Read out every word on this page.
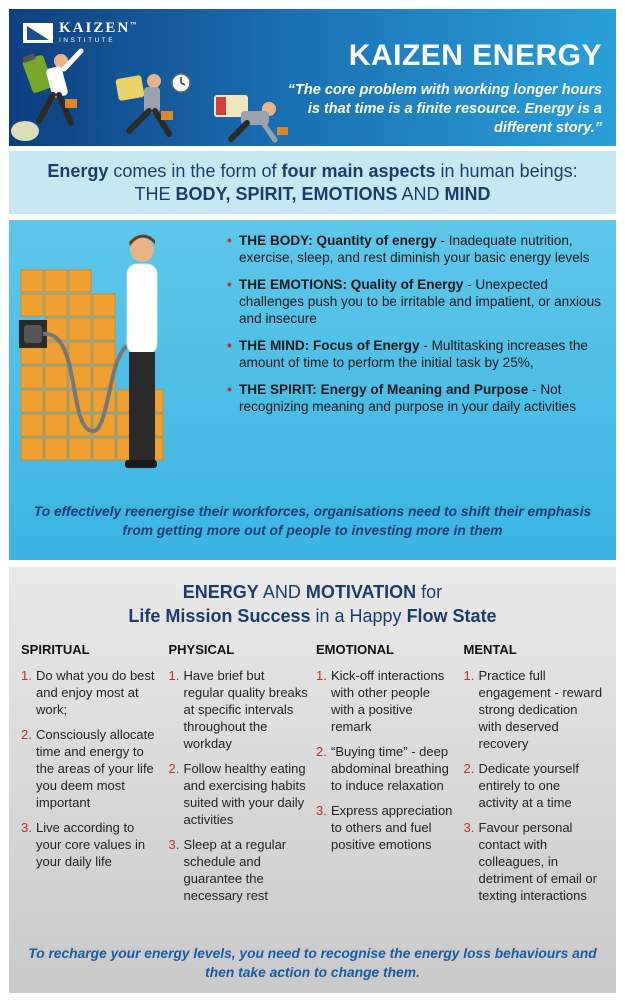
KAIZEN™
INSTITUTE	KAIZEN ENERGY
“The core problem with working longer hours is that time is a finite resource. Energy is a different story.”
Energy comes in the form of four main aspects in human beings:
THE BODY, SPIRIT, EMOTIONS AND MIND
• THE BODY: Quantity of energy - Inadequate nutrition, exercise, sleep, and rest diminish your basic energy levels
• THE EMOTIONS: Quality of Energy - Unexpected challenges push you to be irritable and impatient, or anxious and insecure
• THE MIND: Focus of Energy - Multitasking increases the amount of time to perform the initial task by 25%,
• THE SPIRIT: Energy of Meaning and Purpose - Not recognizing meaning and purpose in your daily activities
To effectively reenergise their workforces, organisations need to shift their emphasis from getting more out of people to investing more in them
ENERGY AND MOTIVATION for
Life Mission Success in a Happy Flow State
SPIRITUAL
1. Do what you do best and enjoy most at work;
2. Consciously allocate time and energy to the areas of your life you deem most important
3. Live according to your core values in your daily life
PHYSICAL
1. Have brief but regular quality breaks at specific intervals throughout the workday
2. Follow healthy eating and exercising habits suited with your daily activities
3. Sleep at a regular schedule and guarantee the necessary rest
EMOTIONAL
1. Kick-off interactions with other people with a positive remark
2. “Buying time” - deep abdominal breathing to induce relaxation
3. Express appreciation to others and fuel positive emotions
MENTAL
1. Practice full engagement - reward strong dedication with deserved recovery
2. Dedicate yourself entirely to one activity at a time
3. Favour personal contact with colleagues, in detriment of email or texting interactions
To recharge your energy levels, you need to recognise the energy loss behaviours and then take action to change them.
